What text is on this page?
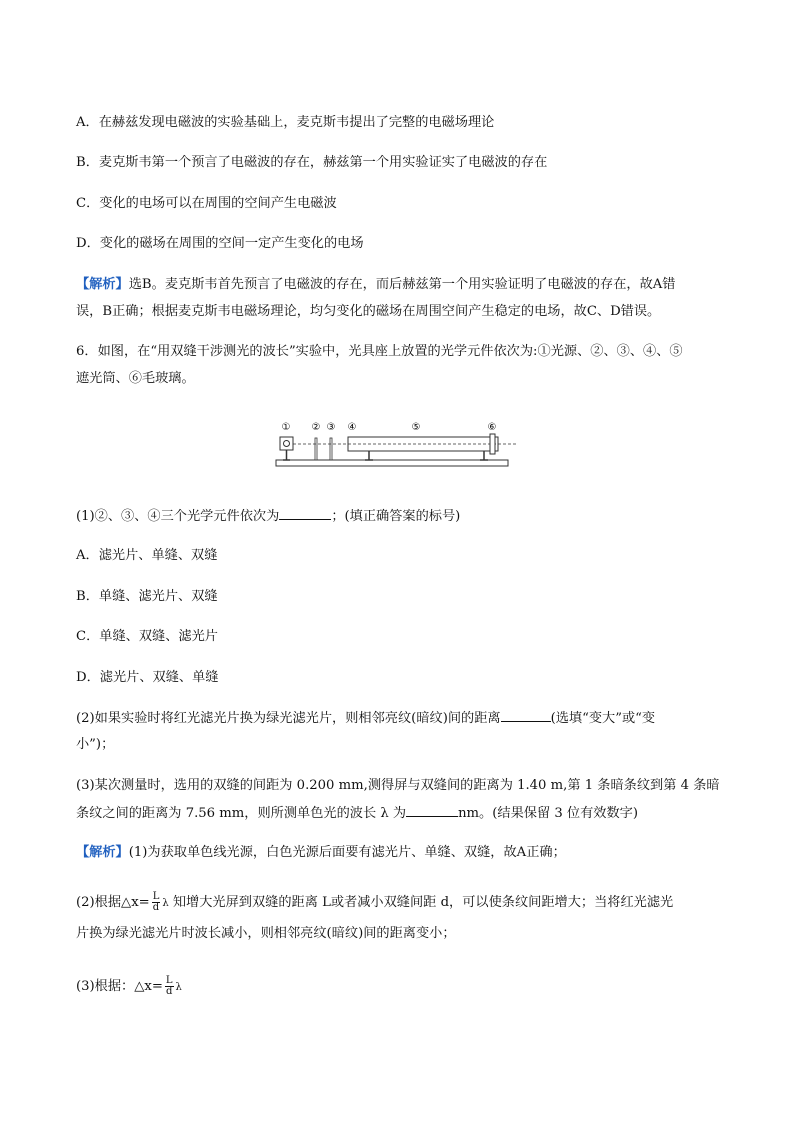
A．在赫兹发现电磁波的实验基础上，麦克斯韦提出了完整的电磁场理论
B．麦克斯韦第一个预言了电磁波的存在，赫兹第一个用实验证实了电磁波的存在
C．变化的电场可以在周围的空间产生电磁波
D．变化的磁场在周围的空间一定产生变化的电场
【解析】选B。麦克斯韦首先预言了电磁波的存在，而后赫兹第一个用实验证明了电磁波的存在，故A错
误，B正确；根据麦克斯韦电磁场理论，均匀变化的磁场在周围空间产生稳定的电场，故C、D错误。
6．如图，在“用双缝干涉测光的波长”实验中，光具座上放置的光学元件依次为:①光源、②、③、④、⑤
遮光筒、⑥毛玻璃。
① ② ③ ④	⑤	⑥
(1)②、③、④三个光学元件依次为	；(填正确答案的标号)
A．滤光片、单缝、双缝
B．单缝、滤光片、双缝
C．单缝、双缝、滤光片
D．滤光片、双缝、单缝
(2)如果实验时将红光滤光片换为绿光滤光片，则相邻亮纹(暗纹)间的距离	(选填“变大”或“变
小”)；
(3)某次测量时，选用的双缝的间距为 0.200 mm,测得屏与双缝间的距离为 1.40 m,第 1 条暗条纹到第 4 条暗
条纹之间的距离为 7.56 mm，则所测单色光的波长 λ 为	nm。(结果保留 3 位有效数字)
【解析】(1)为获取单色线光源，白色光源后面要有滤光片、单缝、双缝，故A正确；
(2)根据△x= $\frac{L}{d}$ λ 知增大光屏到双缝的距离 L或者减小双缝间距 d，可以使条纹间距增大；当将红光滤光
片换为绿光滤光片时波长减小，则相邻亮纹(暗纹)间的距离变小；
(3)根据：△x= $\frac{L}{d}$ λ
